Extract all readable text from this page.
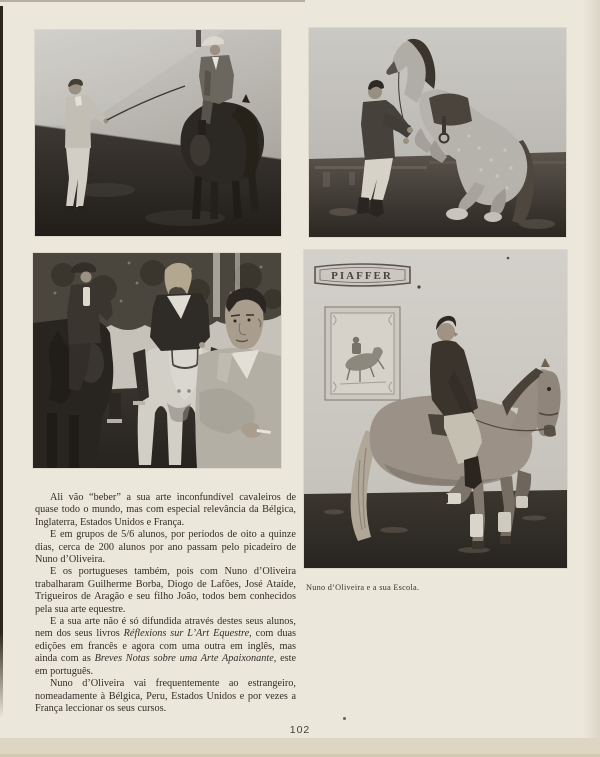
PIAFFER
Nuno d’Oliveira e a sua Escola.

Ali vão “beber” a sua arte inconfundível cavaleiros de quase todo o mundo, mas com especial relevância da Bélgica, Inglaterra, Estados Unidos e França.

E em grupos de 5/6 alunos, por períodos de oito a quinze dias, cerca de 200 alunos por ano passam pelo picadeiro de Nuno d’Oliveira.

E os portugueses também, pois com Nuno d’Oliveira trabalharam Guilherme Borba, Diogo de Lafões, José Ataíde, Trigueiros de Aragão e seu filho João, todos bem conhecidos pela sua arte equestre.

E a sua arte não é só difundida através destes seus alunos, nem dos seus livros Réflexions sur L’Art Equestre, com duas edições em francês e agora com uma outra em inglês, mas ainda com as Breves Notas sobre uma Arte Apaixonante, este em português.

Nuno d’Oliveira vai frequentemente ao estrangeiro, nomeadamente à Bélgica, Peru, Estados Unidos e por vezes a França leccionar os seus cursos.

102
